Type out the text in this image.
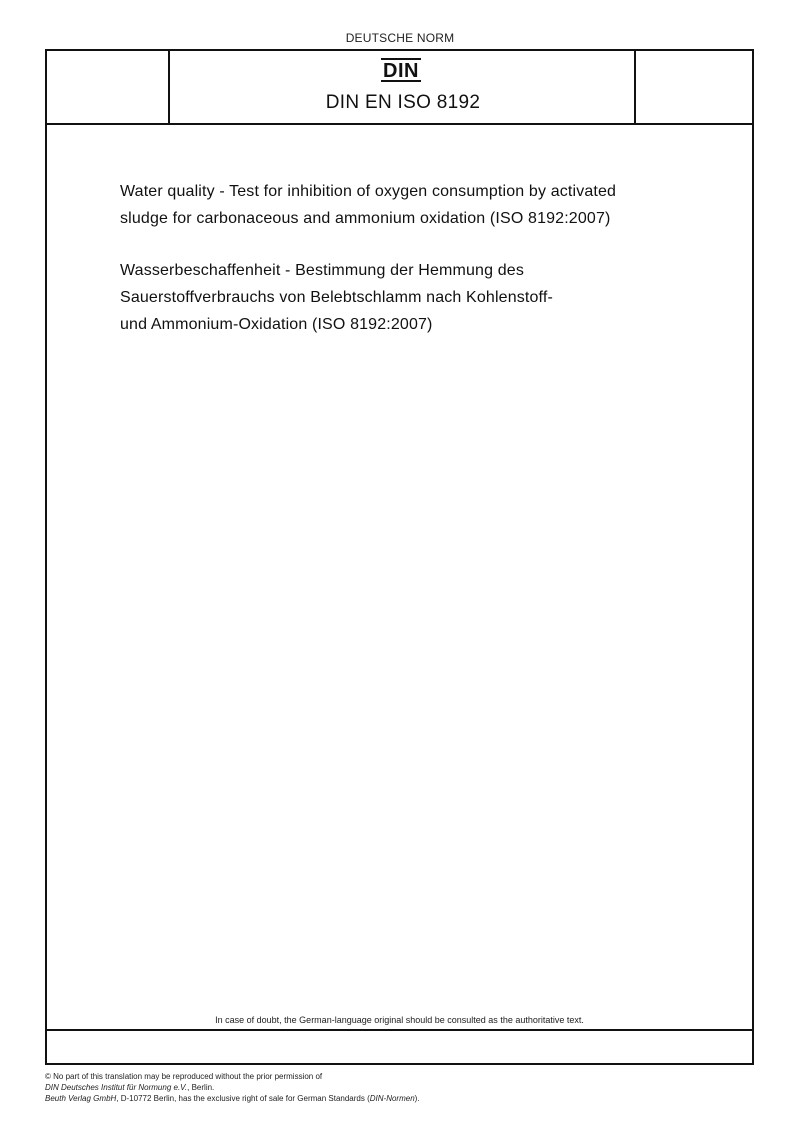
DEUTSCHE NORM
DIN
DIN EN ISO 8192
Water quality - Test for inhibition of oxygen consumption by activated
sludge for carbonaceous and ammonium oxidation (ISO 8192:2007)
Wasserbeschaffenheit - Bestimmung der Hemmung des
Sauerstoffverbrauchs von Belebtschlamm nach Kohlenstoff-
und Ammonium-Oxidation (ISO 8192:2007)
In case of doubt, the German-language original should be consulted as the authoritative text.
© No part of this translation may be reproduced without the prior permission of
DIN Deutsches Institut für Normung e.V., Berlin.
Beuth Verlag GmbH, D-10772 Berlin, has the exclusive right of sale for German Standards (DIN-Normen).
